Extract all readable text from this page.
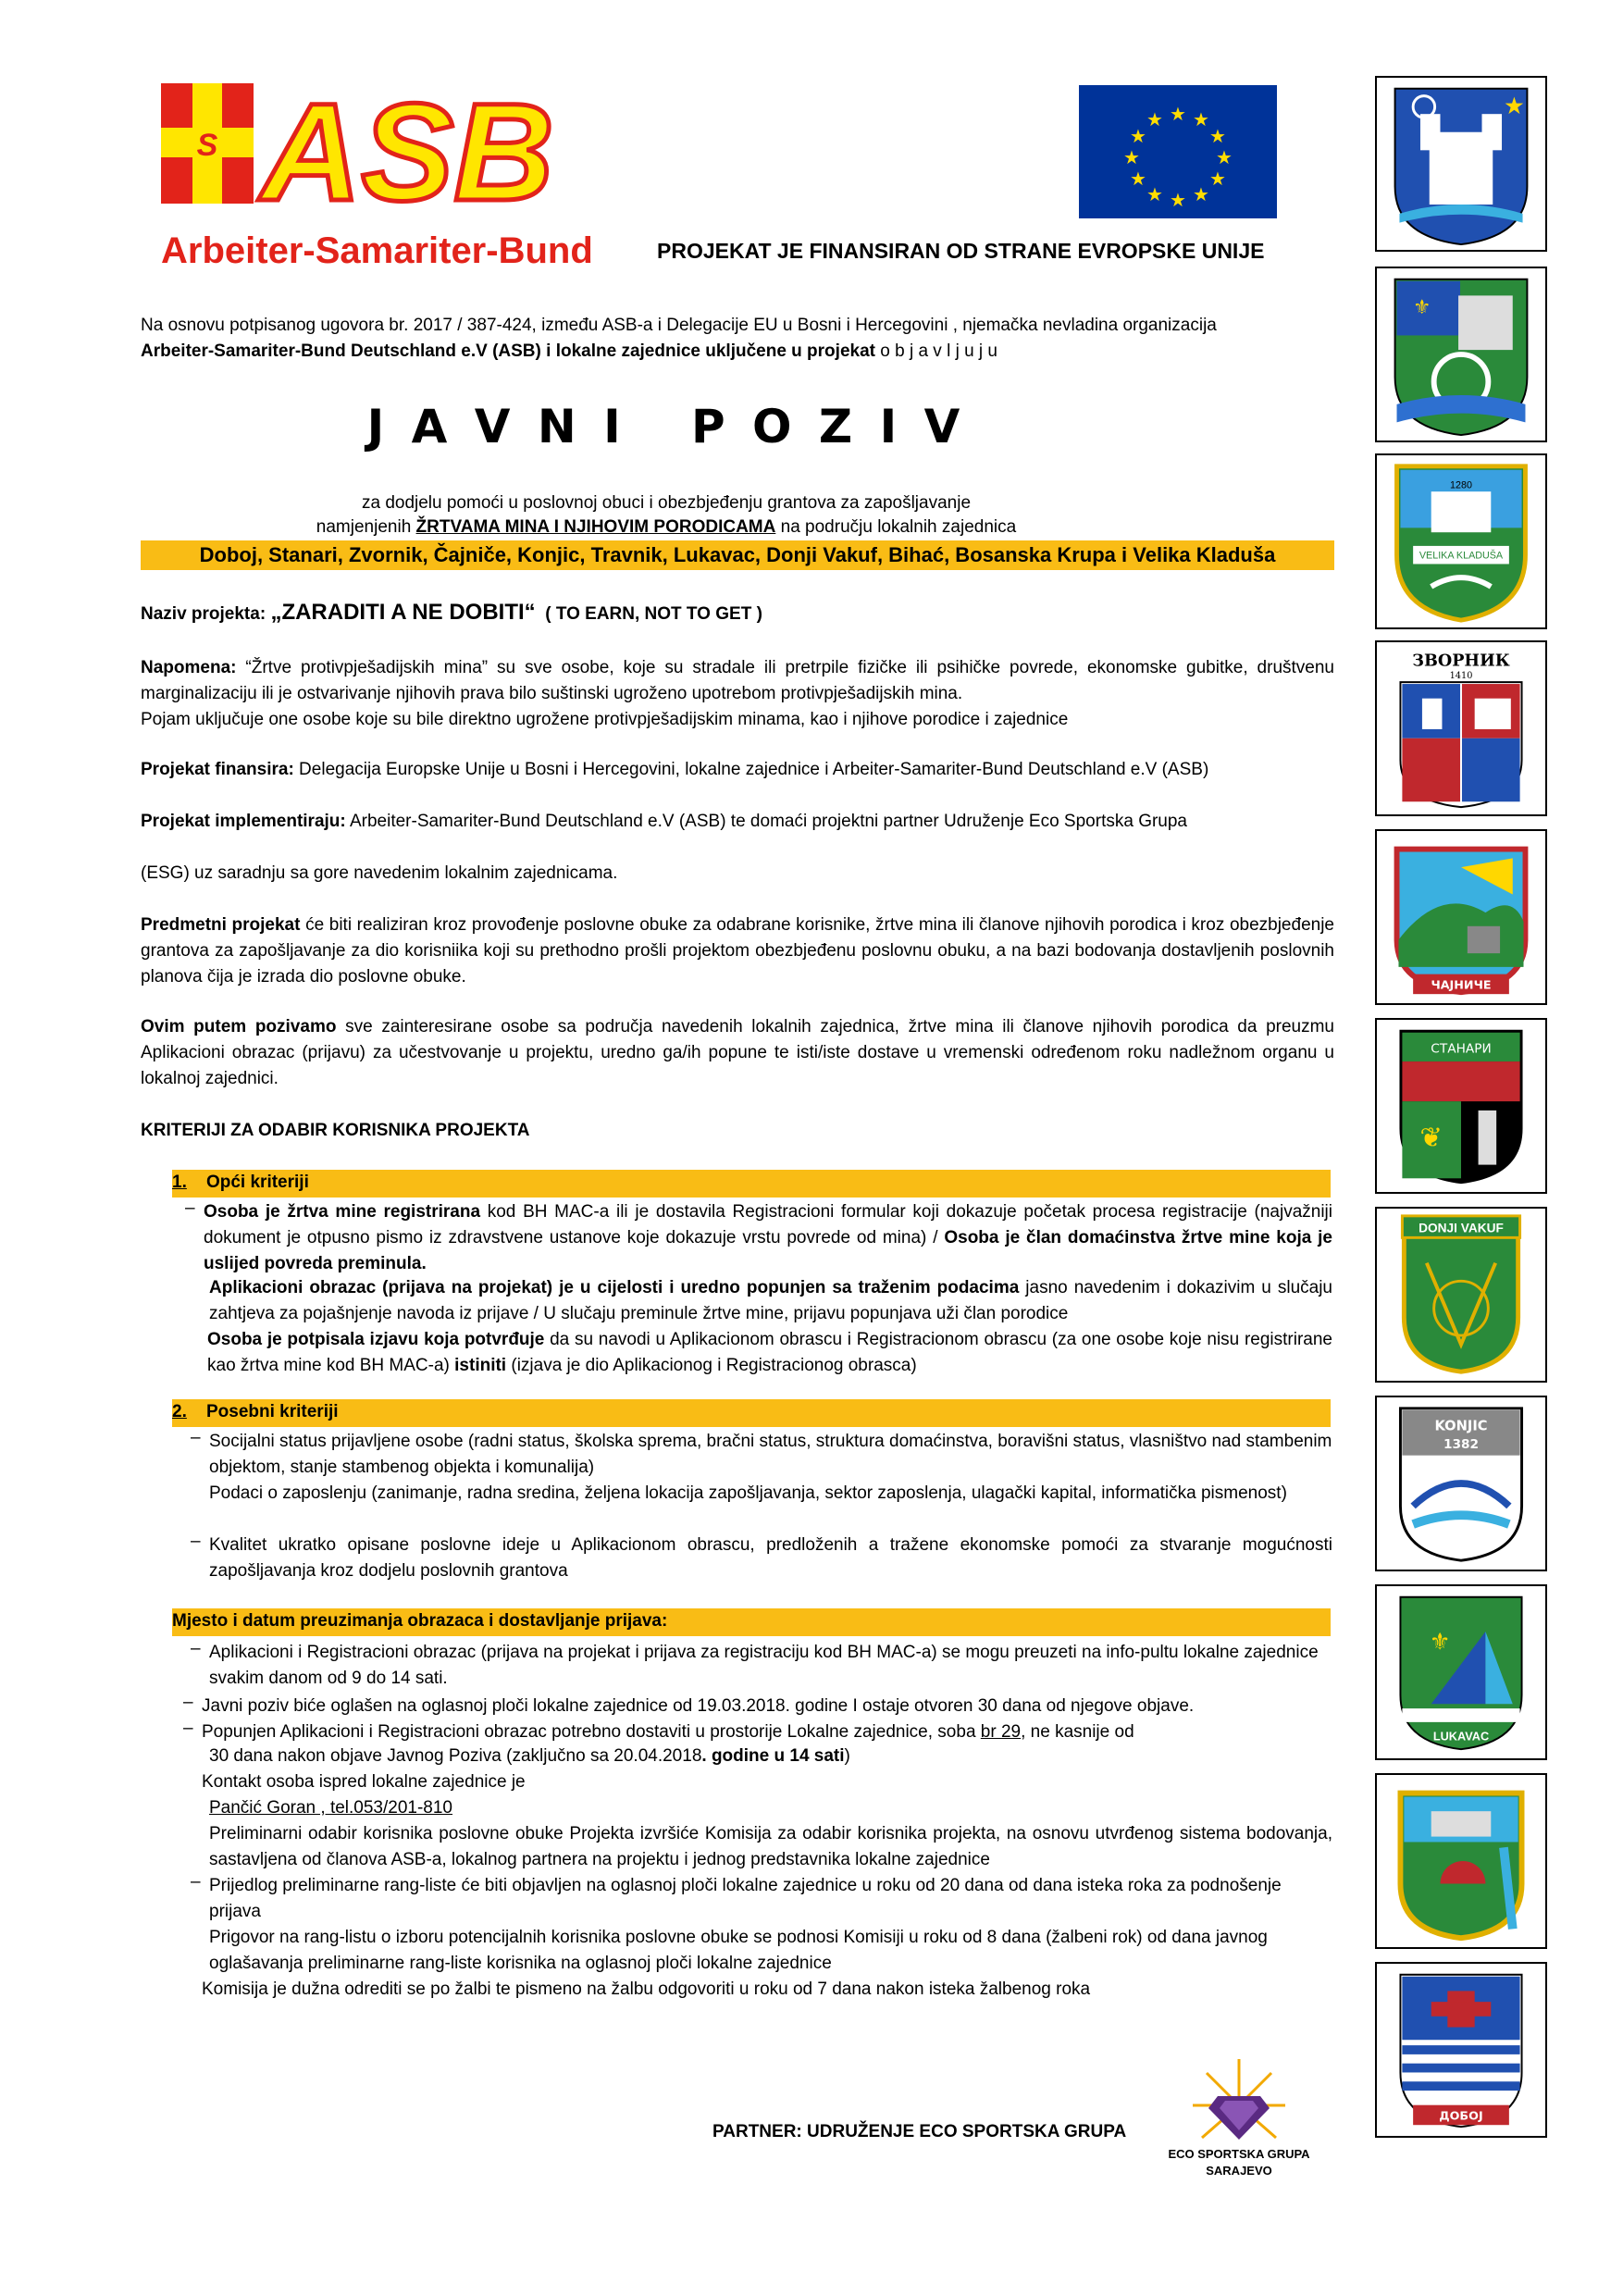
S ASB
Arbeiter-Samariter-Bund
★ ★
★
★
★
★
★
★
★
★
★
★
PROJEKAT JE FINANSIRAN OD STRANE EVROPSKE UNIJE
Na osnovu potpisanog ugovora br. 2017 / 387-424, između ASB-a i Delegacije EU u Bosni i Hercegovini , njemačka nevladina organizacija
Arbeiter-Samariter-Bund Deutschland e.V (ASB) i lokalne zajednice uključene u projekat o b j a v l j u j u
J A V N I   P O Z I V
za dodjelu pomoći u poslovnoj obuci i obezbjeđenju grantova za zapošljavanje
namjenjenih ŽRTVAMA MINA I NJIHOVIM PORODICAMA na području lokalnih zajednica
Doboj, Stanari, Zvornik, Čajniče, Konjic, Travnik, Lukavac, Donji Vakuf, Bihać, Bosanska Krupa i Velika Kladuša
Naziv projekta: „ZARADITI A NE DOBITI“  ( TO EARN, NOT TO GET )
Napomena: “Žrtve protivpješadijskih mina” su sve osobe, koje su stradale ili pretrpile fizičke ili psihičke povrede, ekonomske gubitke, društvenu marginalizaciju ili je ostvarivanje njihovih prava bilo suštinski ugroženo upotrebom protivpješadijskih mina.
Pojam uključuje one osobe koje su bile direktno ugrožene protivpješadijskim minama, kao i njihove porodice i zajednice
Projekat finansira: Delegacija Europske Unije u Bosni i Hercegovini, lokalne zajednice i Arbeiter-Samariter-Bund Deutschland e.V (ASB)
Projekat implementiraju: Arbeiter-Samariter-Bund Deutschland e.V (ASB) te domaći projektni partner Udruženje Eco Sportska Grupa
(ESG) uz saradnju sa gore navedenim lokalnim zajednicama.
Predmetni projekat će biti realiziran kroz provođenje poslovne obuke za odabrane korisnike, žrtve mina ili članove njihovih porodica i kroz obezbjeđenje grantova za zapošljavanje za dio korisniika koji su prethodno prošli projektom obezbjeđenu poslovnu obuku, a na bazi bodovanja dostavljenih poslovnih planova čija je izrada dio poslovne obuke.
Ovim putem pozivamo sve zainteresirane osobe sa područja navedenih lokalnih zajednica, žrtve mina ili članove njihovih porodica da preuzmu Aplikacioni obrazac (prijavu) za učestvovanje u projektu, uredno ga/ih popune te isti/iste dostave u vremenski određenom roku nadležnom organu u lokalnoj zajednici.
KRITERIJI ZA ODABIR KORISNIKA PROJEKTA
1. Opći kriteriji
– Osoba je žrtva mine registrirana kod BH MAC-a ili je dostavila Registracioni formular koji dokazuje početak procesa registracije (najvažniji dokument je otpusno pismo iz zdravstvene ustanove koje dokazuje vrstu povrede od mina) / Osoba je član domaćinstva žrtve mine koja je uslijed povreda preminula.
Aplikacioni obrazac (prijava na projekat) je u cijelosti i uredno popunjen sa traženim podacima jasno navedenim i dokazivim u slučaju zahtjeva za pojašnjenje navoda iz prijave / U slučaju preminule žrtve mine, prijavu popunjava uži član porodice
Osoba je potpisala izjavu koja potvrđuje da su navodi u Aplikacionom obrascu i Registracionom obrascu (za one osobe koje nisu registrirane kao žrtva mine kod BH MAC-a) istiniti (izjava je dio Aplikacionog i Registracionog obrasca)
2. Posebni kriteriji
– Socijalni status prijavljene osobe (radni status, školska sprema, bračni status, struktura domaćinstva, boravišni status, vlasništvo nad stambenim objektom, stanje stambenog objekta i komunalija)
Podaci o zaposlenju (zanimanje, radna sredina, željena lokacija zapošljavanja, sektor zaposlenja, ulagački kapital, informatička pismenost)
– Kvalitet ukratko opisane poslovne ideje u Aplikacionom obrascu, predloženih a tražene ekonomske pomoći za stvaranje mogućnosti zapošljavanja kroz dodjelu poslovnih grantova
Mjesto i datum preuzimanja obrazaca i dostavljanje prijava:
– Aplikacioni i Registracioni obrazac (prijava na projekat i prijava za registraciju kod BH MAC-a) se mogu preuzeti na info-pultu lokalne zajednice svakim danom od 9 do 14 sati.
– Javni poziv biće oglašen na oglasnoj ploči lokalne zajednice od 19.03.2018. godine I ostaje otvoren 30 dana od njegove objave.
– Popunjen Aplikacioni i Registracioni obrazac potrebno dostaviti u prostorije Lokalne zajednice, soba br 29, ne kasnije od
30 dana nakon objave Javnog Poziva (zaključno sa 20.04.2018. godine u 14 sati)
Kontakt osoba ispred lokalne zajednice je
Pančić Goran , tel.053/201-810
Preliminarni odabir korisnika poslovne obuke Projekta izvršiće Komisija za odabir korisnika projekta, na osnovu utvrđenog sistema bodovanja, sastavljena od članova ASB-a, lokalnog partnera na projektu i jednog predstavnika lokalne zajednice
– Prijedlog preliminarne rang-liste će biti objavljen na oglasnoj ploči lokalne zajednice u roku od 20 dana od dana isteka roka za podnošenje prijava
Prigovor na rang-listu o izboru potencijalnih korisnika poslovne obuke se podnosi Komisiji u roku od 8 dana (žalbeni rok) od dana javnog oglašavanja preliminarne rang-liste korisnika na oglasnoj ploči lokalne zajednice
Komisija je dužna odrediti se po žalbi te pismeno na žalbu odgovoriti u roku od 7 dana nakon isteka žalbenog roka
PARTNER: UDRUŽENJE ECO SPORTSKA GRUPA
ECO SPORTSKA GRUPA
SARAJEVO
★
⚜
1280
VELIKA KLADUŠA
ЗВОРНИК
1410
ЧАЈНИЧЕ
СТАНАРИ
❦
DONJI VAKUF
KONJIC
1382
⚜
LUKAVAC
ДОБОЈ
